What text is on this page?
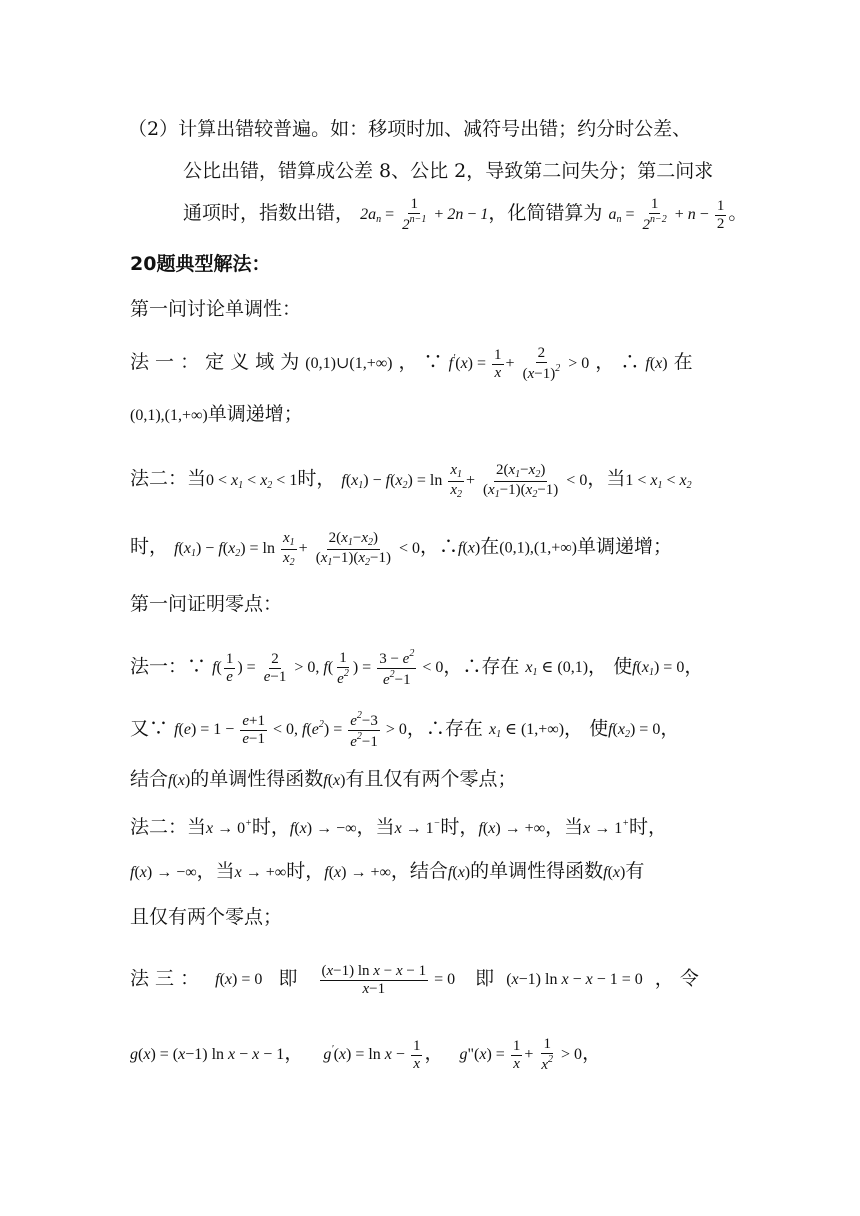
（2）计算出错较普遍。如：移项时加、减符号出错；约分时公差、
公比出错，错算成公差 8、公比 2，导致第二问失分；第二问求
通项时，指数出错， $2a_n = \frac{1}{2^{n-1}} + 2n - 1$，化简错算为 $a_n = \frac{1}{2^{n-2}} + n - \frac{1}{2}$ 。
20题典型解法：
第一问讨论单调性：
法 一 ： 定 义 域 为 (0,1)∪(1,+∞) ， ∵ $f'(x) = \frac{1}{x} + \frac{2}{(x-1)^2} > 0$ ， ∴ f(x) 在
(0,1),(1,+∞)单调递增；
法二：当$0 < x_1 < x_2 < 1$时， $f(x_1) - f(x_2) = \ln \frac{x_1}{x_2} + \frac{2(x_1-x_2)}{(x_1-1)(x_2-1)} < 0$，当$1 < x_1 < x_2$
时， $f(x_1) - f(x_2) = \ln \frac{x_1}{x_2} + \frac{2(x_1-x_2)}{(x_1-1)(x_2-1)} < 0$，∴f(x)在(0,1),(1,+∞)单调递增；
第一问证明零点：
法一：∵ $f( \frac{1}{e}$ ) = $\frac{2}{e-1} > 0$, $f( \frac{1}{e^2}$ ) = $\frac{3 - e^2}{e^2-1} < 0$，∴存在 $x_1$ ∈ (0,1)， 使$f(x_1) = 0$，
又∵ $f(e) = 1 - \frac{e+1}{e-1} < 0$, $f(e^2) = \frac{e^2-3}{e^2-1} > 0$，∴存在 $x_1$ ∈ (1,+∞)， 使$f(x_2) = 0$，
结合f(x)的单调性得函数f(x)有且仅有两个零点；
法二：当x → 0+时，f(x) → −∞，当x → 1−时，f(x) → +∞，当x → 1+时，
f(x) → −∞，当x → +∞时，f(x) → +∞，结合f(x)的单调性得函数f(x)有
且仅有两个零点；
法 三 ： f(x) = 0 即 $\frac{\text{(x−1) ln x − x − 1}}{x-1} = 0$ 即 (x−1) ln x − x − 1 = 0 ， 令
g(x) = (x−1) ln x − x − 1， $g'(x) = \ln x - \frac{1}{x}$ ， g"(x) = $\frac{1}{x} + \frac{1}{x^2} > 0$，
